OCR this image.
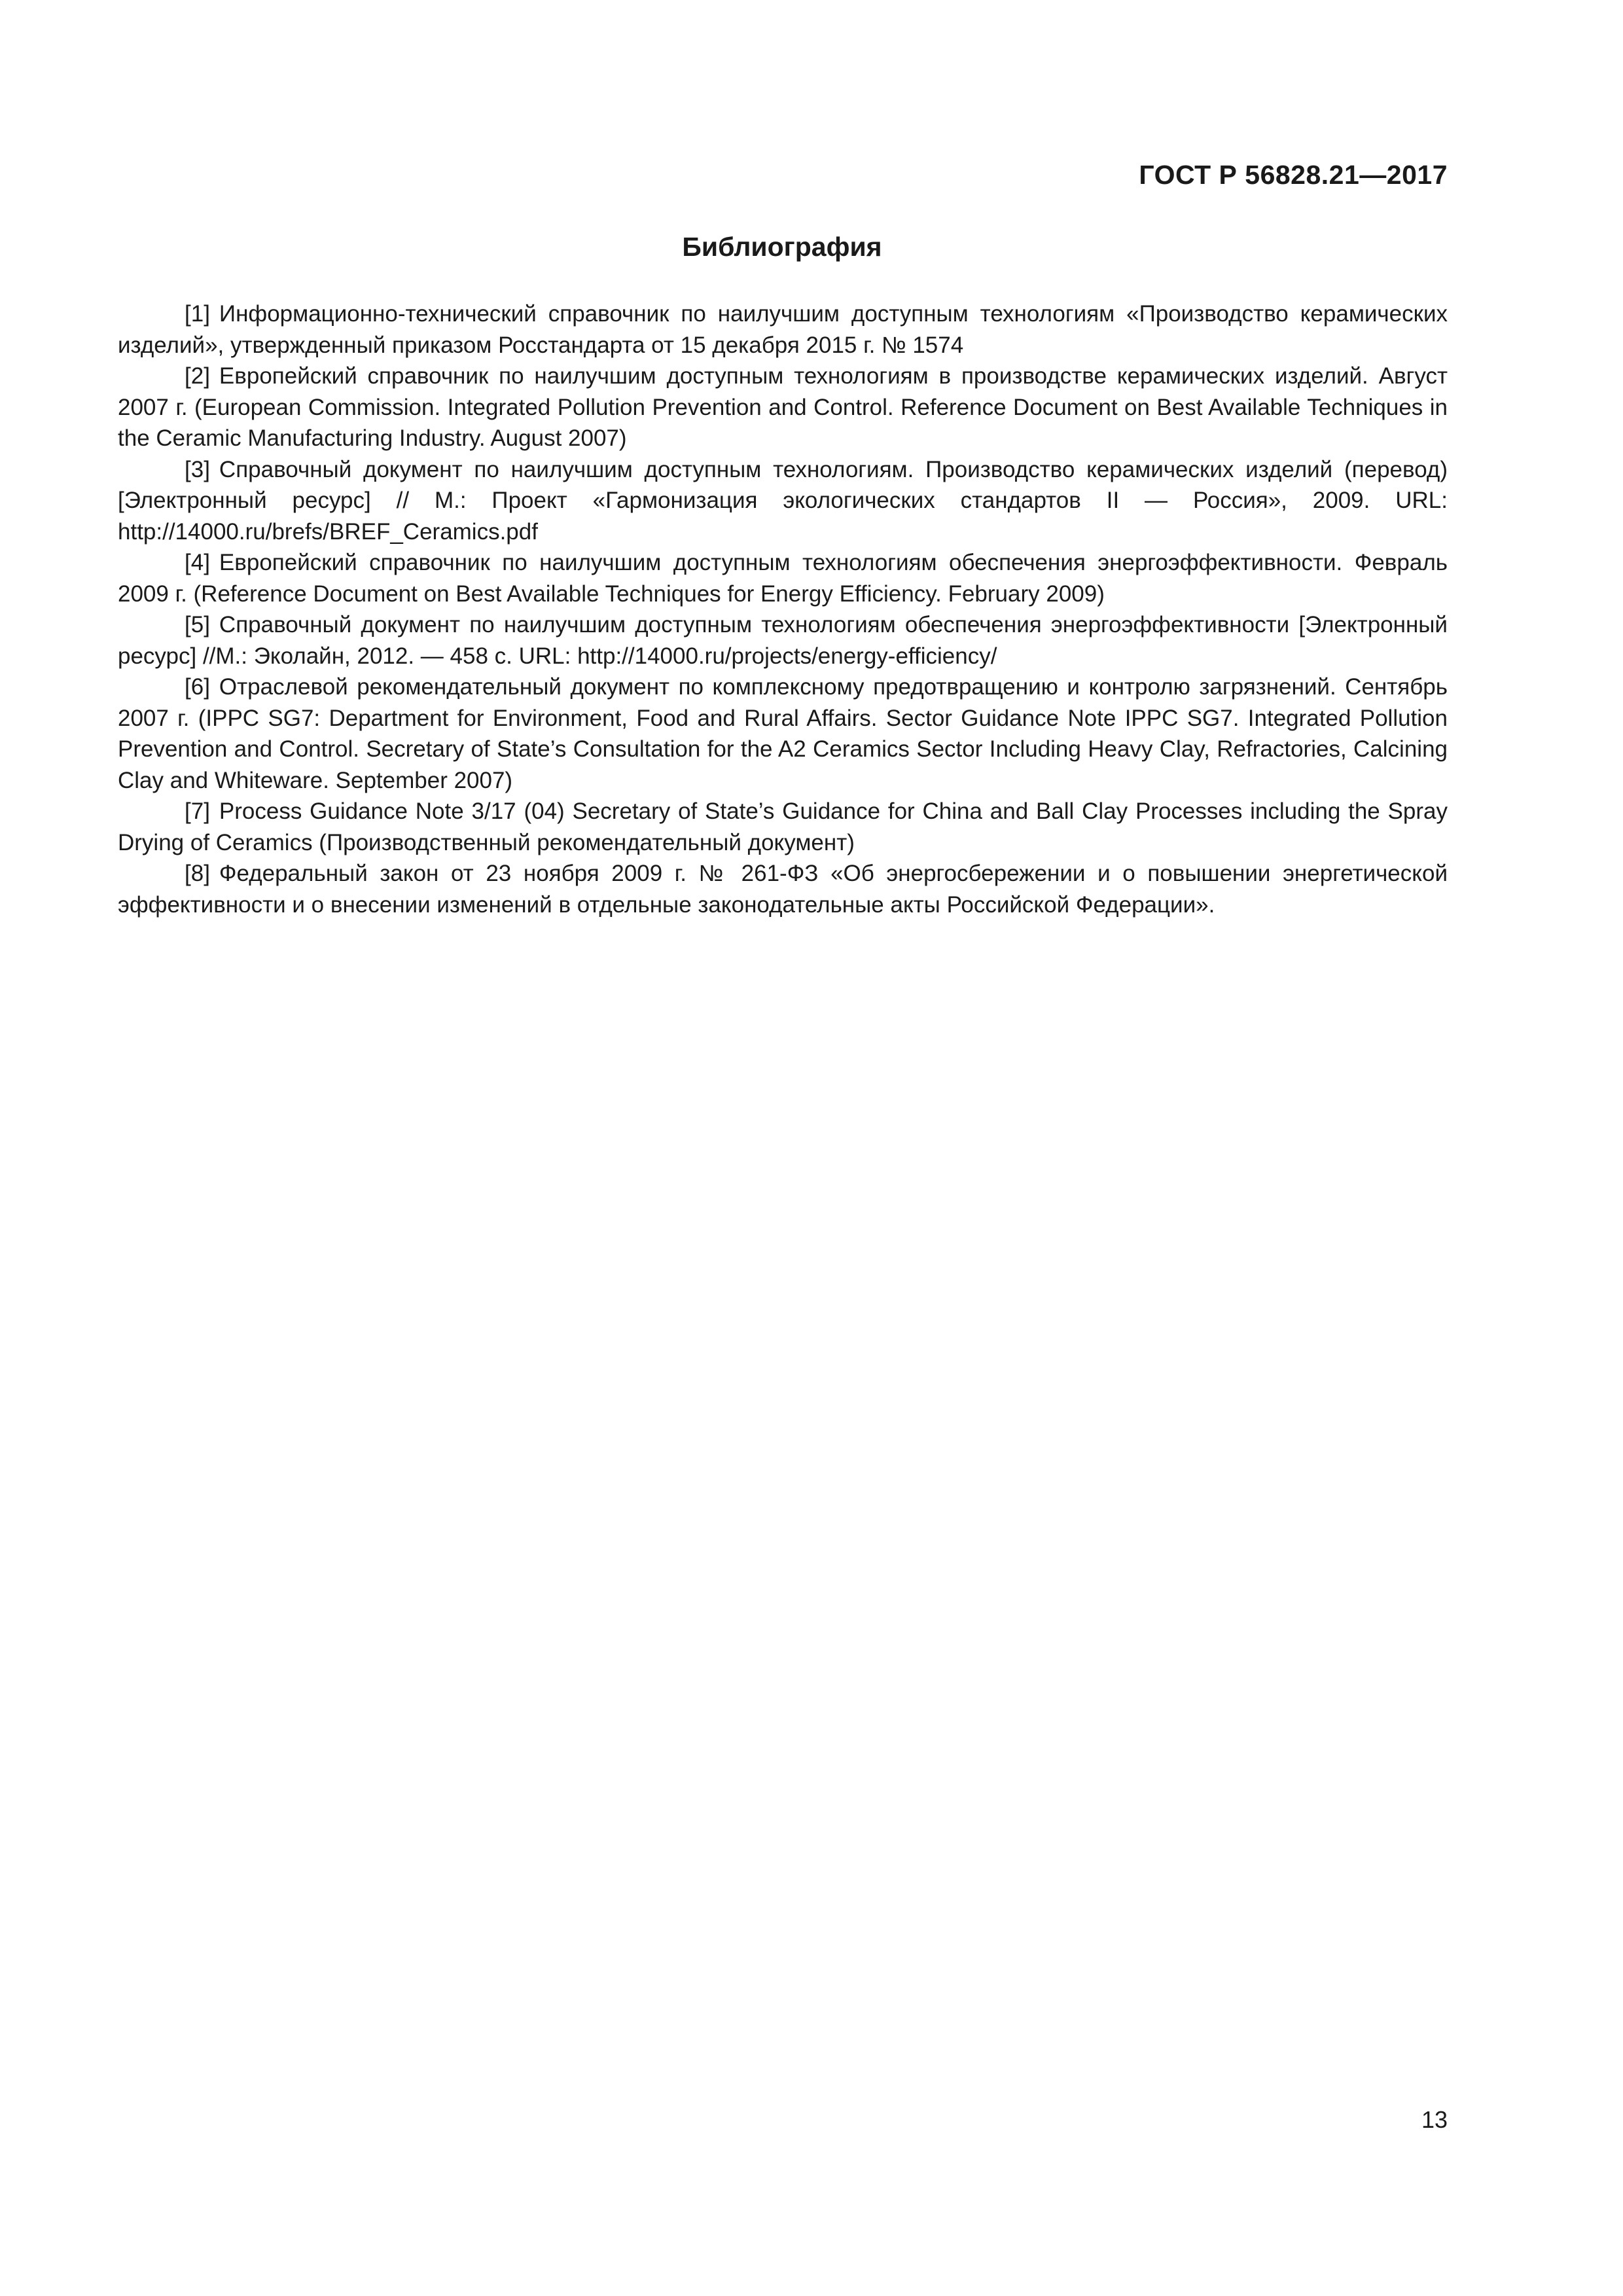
ГОСТ Р 56828.21—2017
Библиография
[1] Информационно-технический справочник по наилучшим доступным технологиям «Производство керамических изделий», утвержденный приказом Росстандарта от 15 декабря 2015 г. № 1574
[2] Европейский справочник по наилучшим доступным технологиям в производстве керамических изделий. Август 2007 г. (European Commission. Integrated Pollution Prevention and Control. Reference Document on Best Available Techniques in the Ceramic Manufacturing Industry. August 2007)
[3] Справочный документ по наилучшим доступным технологиям. Производство керамических изделий (перевод) [Электронный ресурс] // М.: Проект «Гармонизация экологических стандартов II — Россия», 2009. URL: http://14000.ru/brefs/BREF_Ceramics.pdf
[4] Европейский справочник по наилучшим доступным технологиям обеспечения энергоэффективности. Февраль 2009 г. (Reference Document on Best Available Techniques for Energy Efficiency. February 2009)
[5] Справочный документ по наилучшим доступным технологиям обеспечения энергоэффективности [Электронный ресурс] //М.: Эколайн, 2012. — 458 с. URL: http://14000.ru/projects/energy-efficiency/
[6] Отраслевой рекомендательный документ по комплексному предотвращению и контролю загрязнений. Сентябрь 2007 г. (IPPC SG7: Department for Environment, Food and Rural Affairs. Sector Guidance Note IPPC SG7. Integrated Pollution Prevention and Control. Secretary of State’s Consultation for the A2 Ceramics Sector Including Heavy Clay, Refractories, Calcining Clay and Whiteware. September 2007)
[7] Process Guidance Note 3/17 (04) Secretary of State’s Guidance for China and Ball Clay Processes including the Spray Drying of Ceramics (Производственный рекомендательный документ)
[8] Федеральный закон от 23 ноября 2009 г. № 261-ФЗ «Об энергосбережении и о повышении энергетической эффективности и о внесении изменений в отдельные законодательные акты Российской Федерации».
13
